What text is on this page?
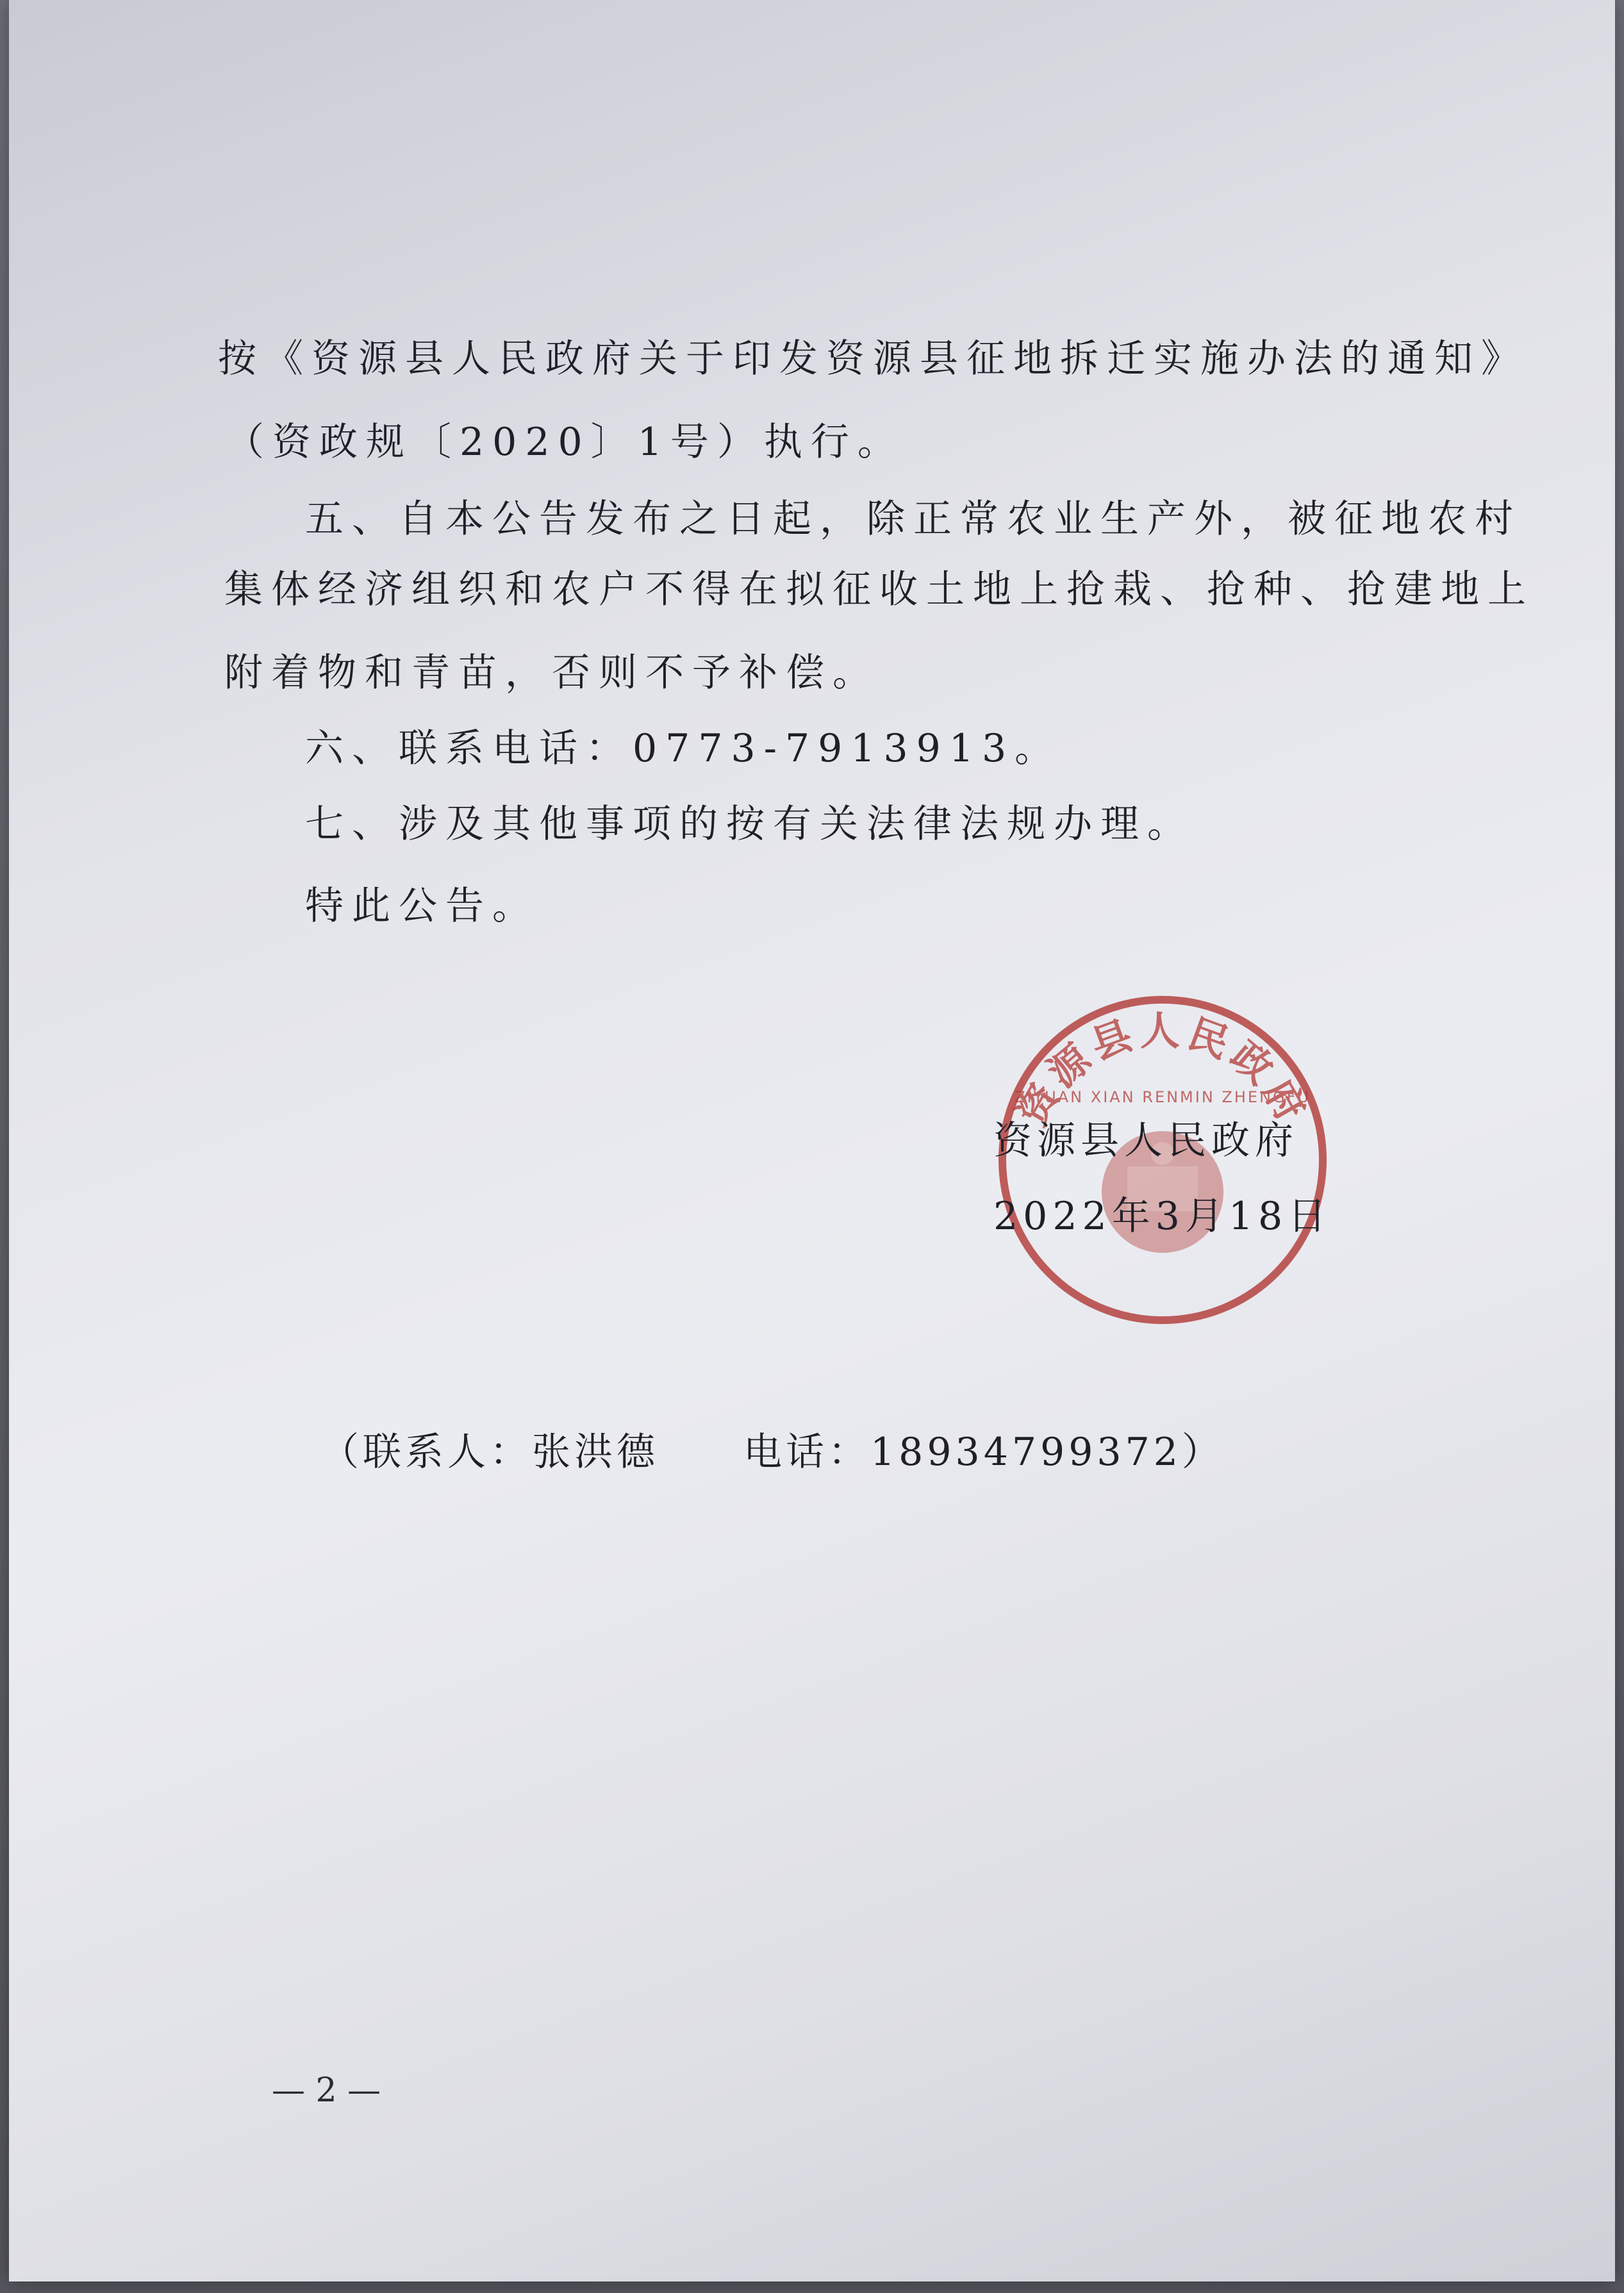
按《资源县人民政府关于印发资源县征地拆迁实施办法的通知》
（资政规〔2020〕1号）执行。
五、自本公告发布之日起，除正常农业生产外，被征地农村
集体经济组织和农户不得在拟征收土地上抢栽、抢种、抢建地上
附着物和青苗，否则不予补偿。
六、联系电话：0773-7913913。
七、涉及其他事项的按有关法律法规办理。
特此公告。
资源县人民政府
ZIYUAN XIAN RENMIN ZHENGFU
资源县人民政府
2022年3月18日
（联系人：张洪德　　电话：18934799372）
— 2 —
